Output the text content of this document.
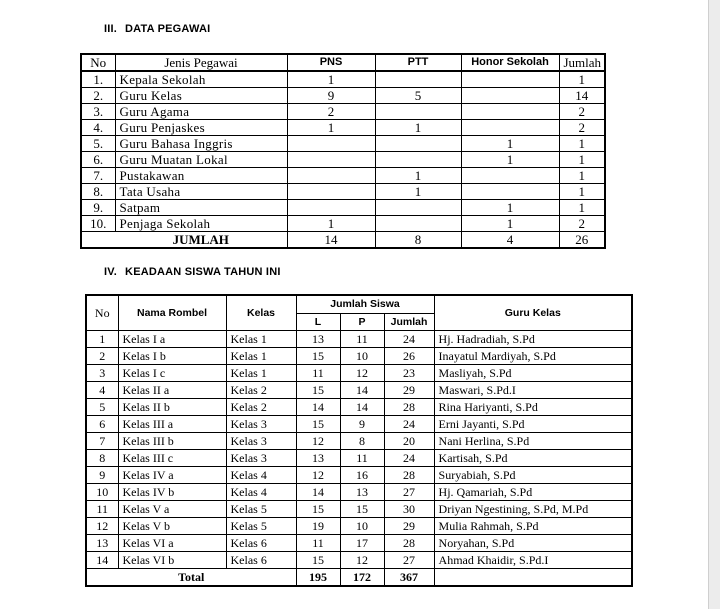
III. DATA PEGAWAI
No	Jenis Pegawai	PNS	PTT	Honor Sekolah	Jumlah
1.	Kepala Sekolah	1			1
2.	Guru Kelas	9	5		14
3.	Guru Agama	2			2
4.	Guru Penjaskes	1	1		2
5.	Guru Bahasa Inggris			1	1
6.	Guru Muatan Lokal			1	1
7.	Pustakawan		1		1
8.	Tata Usaha		1		1
9.	Satpam			1	1
10.	Penjaga Sekolah	1		1	2
	JUMLAH	14	8	4	26
IV. KEADAAN SISWA TAHUN INI
No	Nama Rombel	Kelas	Jumlah Siswa			Guru Kelas
			L	P	Jumlah	
1	Kelas I a	Kelas 1	13	11	24	Hj. Hadradiah, S.Pd
2	Kelas I b	Kelas 1	15	10	26	Inayatul Mardiyah, S.Pd
3	Kelas I c	Kelas 1	11	12	23	Masliyah, S.Pd
4	Kelas II a	Kelas 2	15	14	29	Maswari, S.Pd.I
5	Kelas II b	Kelas 2	14	14	28	Rina Hariyanti, S.Pd
6	Kelas III a	Kelas 3	15	9	24	Erni Jayanti, S.Pd
7	Kelas III b	Kelas 3	12	8	20	Nani Herlina, S.Pd
8	Kelas III c	Kelas 3	13	11	24	Kartisah, S.Pd
9	Kelas IV a	Kelas 4	12	16	28	Suryabiah, S.Pd
10	Kelas IV b	Kelas 4	14	13	27	Hj. Qamariah, S.Pd
11	Kelas V a	Kelas 5	15	15	30	Driyan Ngestining, S.Pd, M.Pd
12	Kelas V b	Kelas 5	19	10	29	Mulia Rahmah, S.Pd
13	Kelas VI a	Kelas 6	11	17	28	Noryahan, S.Pd
14	Kelas VI b	Kelas 6	15	12	27	Ahmad Khaidir, S.Pd.I
Total			195	172	367	
